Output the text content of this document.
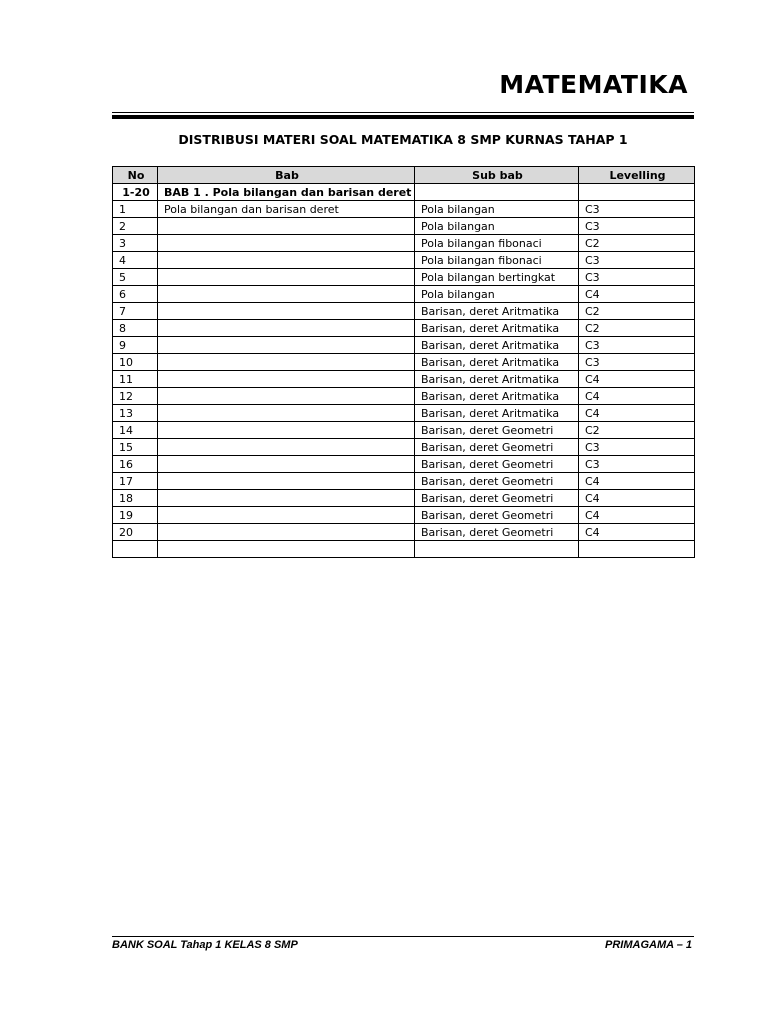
MATEMATIKA
DISTRIBUSI MATERI SOAL MATEMATIKA 8 SMP KURNAS TAHAP 1
No	Bab	Sub bab	Levelling
1-20	BAB 1 . Pola bilangan dan barisan deret		
1	Pola bilangan dan barisan deret	Pola bilangan	C3
2		Pola bilangan	C3
3		Pola bilangan fibonaci	C2
4		Pola bilangan fibonaci	C3
5		Pola bilangan bertingkat	C3
6		Pola bilangan	C4
7		Barisan, deret Aritmatika	C2
8		Barisan, deret Aritmatika	C2
9		Barisan, deret Aritmatika	C3
10		Barisan, deret Aritmatika	C3
11		Barisan, deret Aritmatika	C4
12		Barisan, deret Aritmatika	C4
13		Barisan, deret Aritmatika	C4
14		Barisan, deret Geometri	C2
15		Barisan, deret Geometri	C3
16		Barisan, deret Geometri	C3
17		Barisan, deret Geometri	C4
18		Barisan, deret Geometri	C4
19		Barisan, deret Geometri	C4
20		Barisan, deret Geometri	C4

BANK SOAL Tahap 1 KELAS 8 SMP	PRIMAGAMA – 1
